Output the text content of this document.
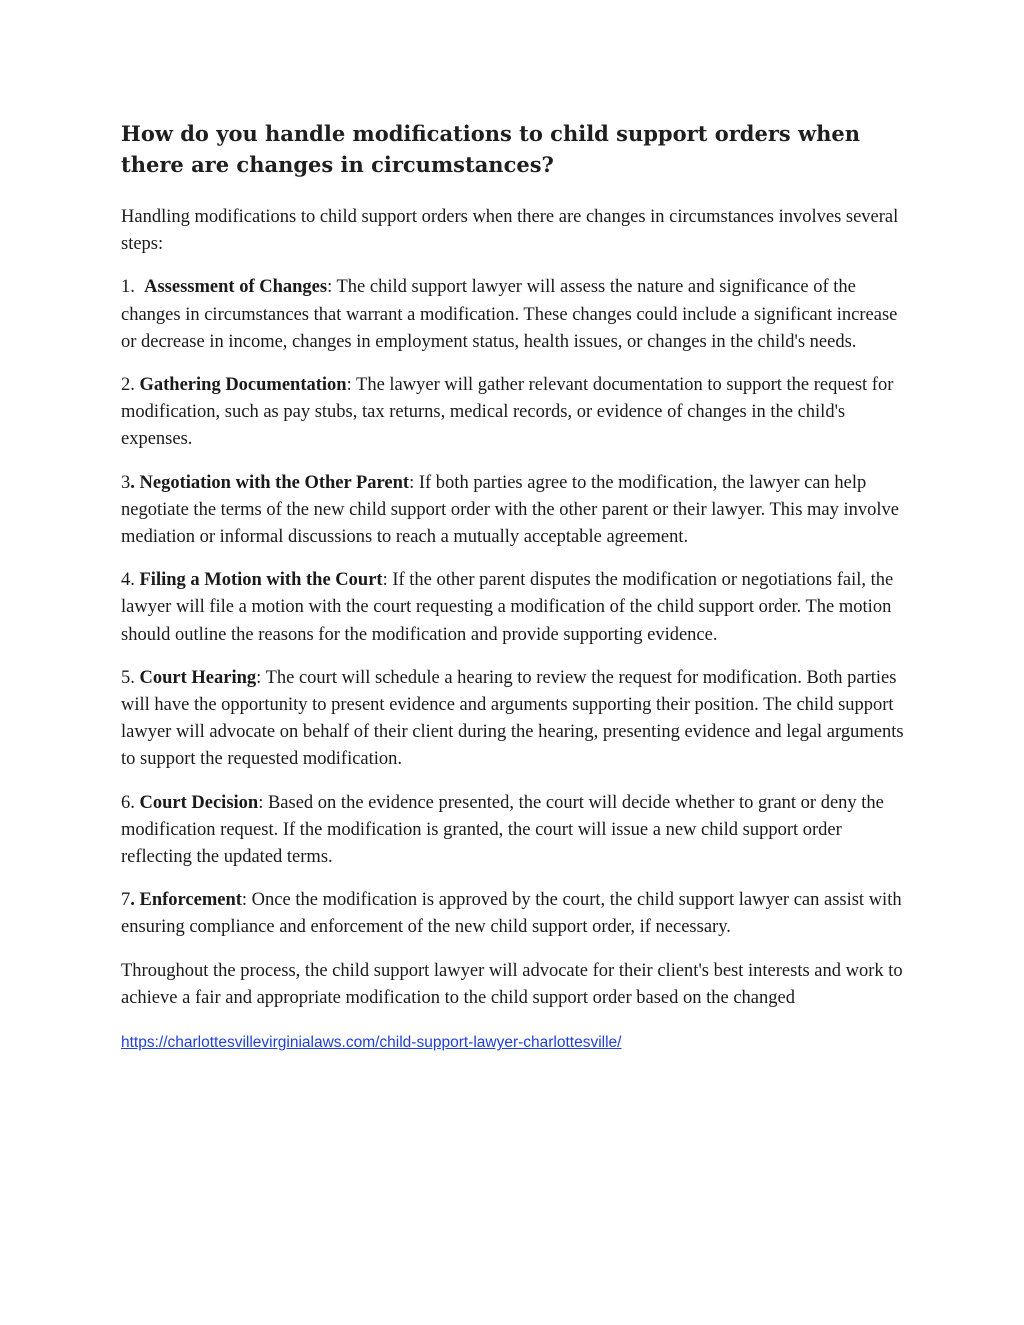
How do you handle modifications to child support orders when there are changes in circumstances?

Handling modifications to child support orders when there are changes in circumstances involves several steps:

1.  Assessment of Changes: The child support lawyer will assess the nature and significance of the changes in circumstances that warrant a modification. These changes could include a significant increase or decrease in income, changes in employment status, health issues, or changes in the child's needs.

2. Gathering Documentation: The lawyer will gather relevant documentation to support the request for modification, such as pay stubs, tax returns, medical records, or evidence of changes in the child's expenses.

3. Negotiation with the Other Parent: If both parties agree to the modification, the lawyer can help negotiate the terms of the new child support order with the other parent or their lawyer. This may involve mediation or informal discussions to reach a mutually acceptable agreement.

4. Filing a Motion with the Court: If the other parent disputes the modification or negotiations fail, the lawyer will file a motion with the court requesting a modification of the child support order. The motion should outline the reasons for the modification and provide supporting evidence.

5. Court Hearing: The court will schedule a hearing to review the request for modification. Both parties will have the opportunity to present evidence and arguments supporting their position. The child support lawyer will advocate on behalf of their client during the hearing, presenting evidence and legal arguments to support the requested modification.

6. Court Decision: Based on the evidence presented, the court will decide whether to grant or deny the modification request. If the modification is granted, the court will issue a new child support order reflecting the updated terms.

7. Enforcement: Once the modification is approved by the court, the child support lawyer can assist with ensuring compliance and enforcement of the new child support order, if necessary.

Throughout the process, the child support lawyer will advocate for their client's best interests and work to achieve a fair and appropriate modification to the child support order based on the changed

https://charlottesvillevirginialaws.com/child-support-lawyer-charlottesville/
